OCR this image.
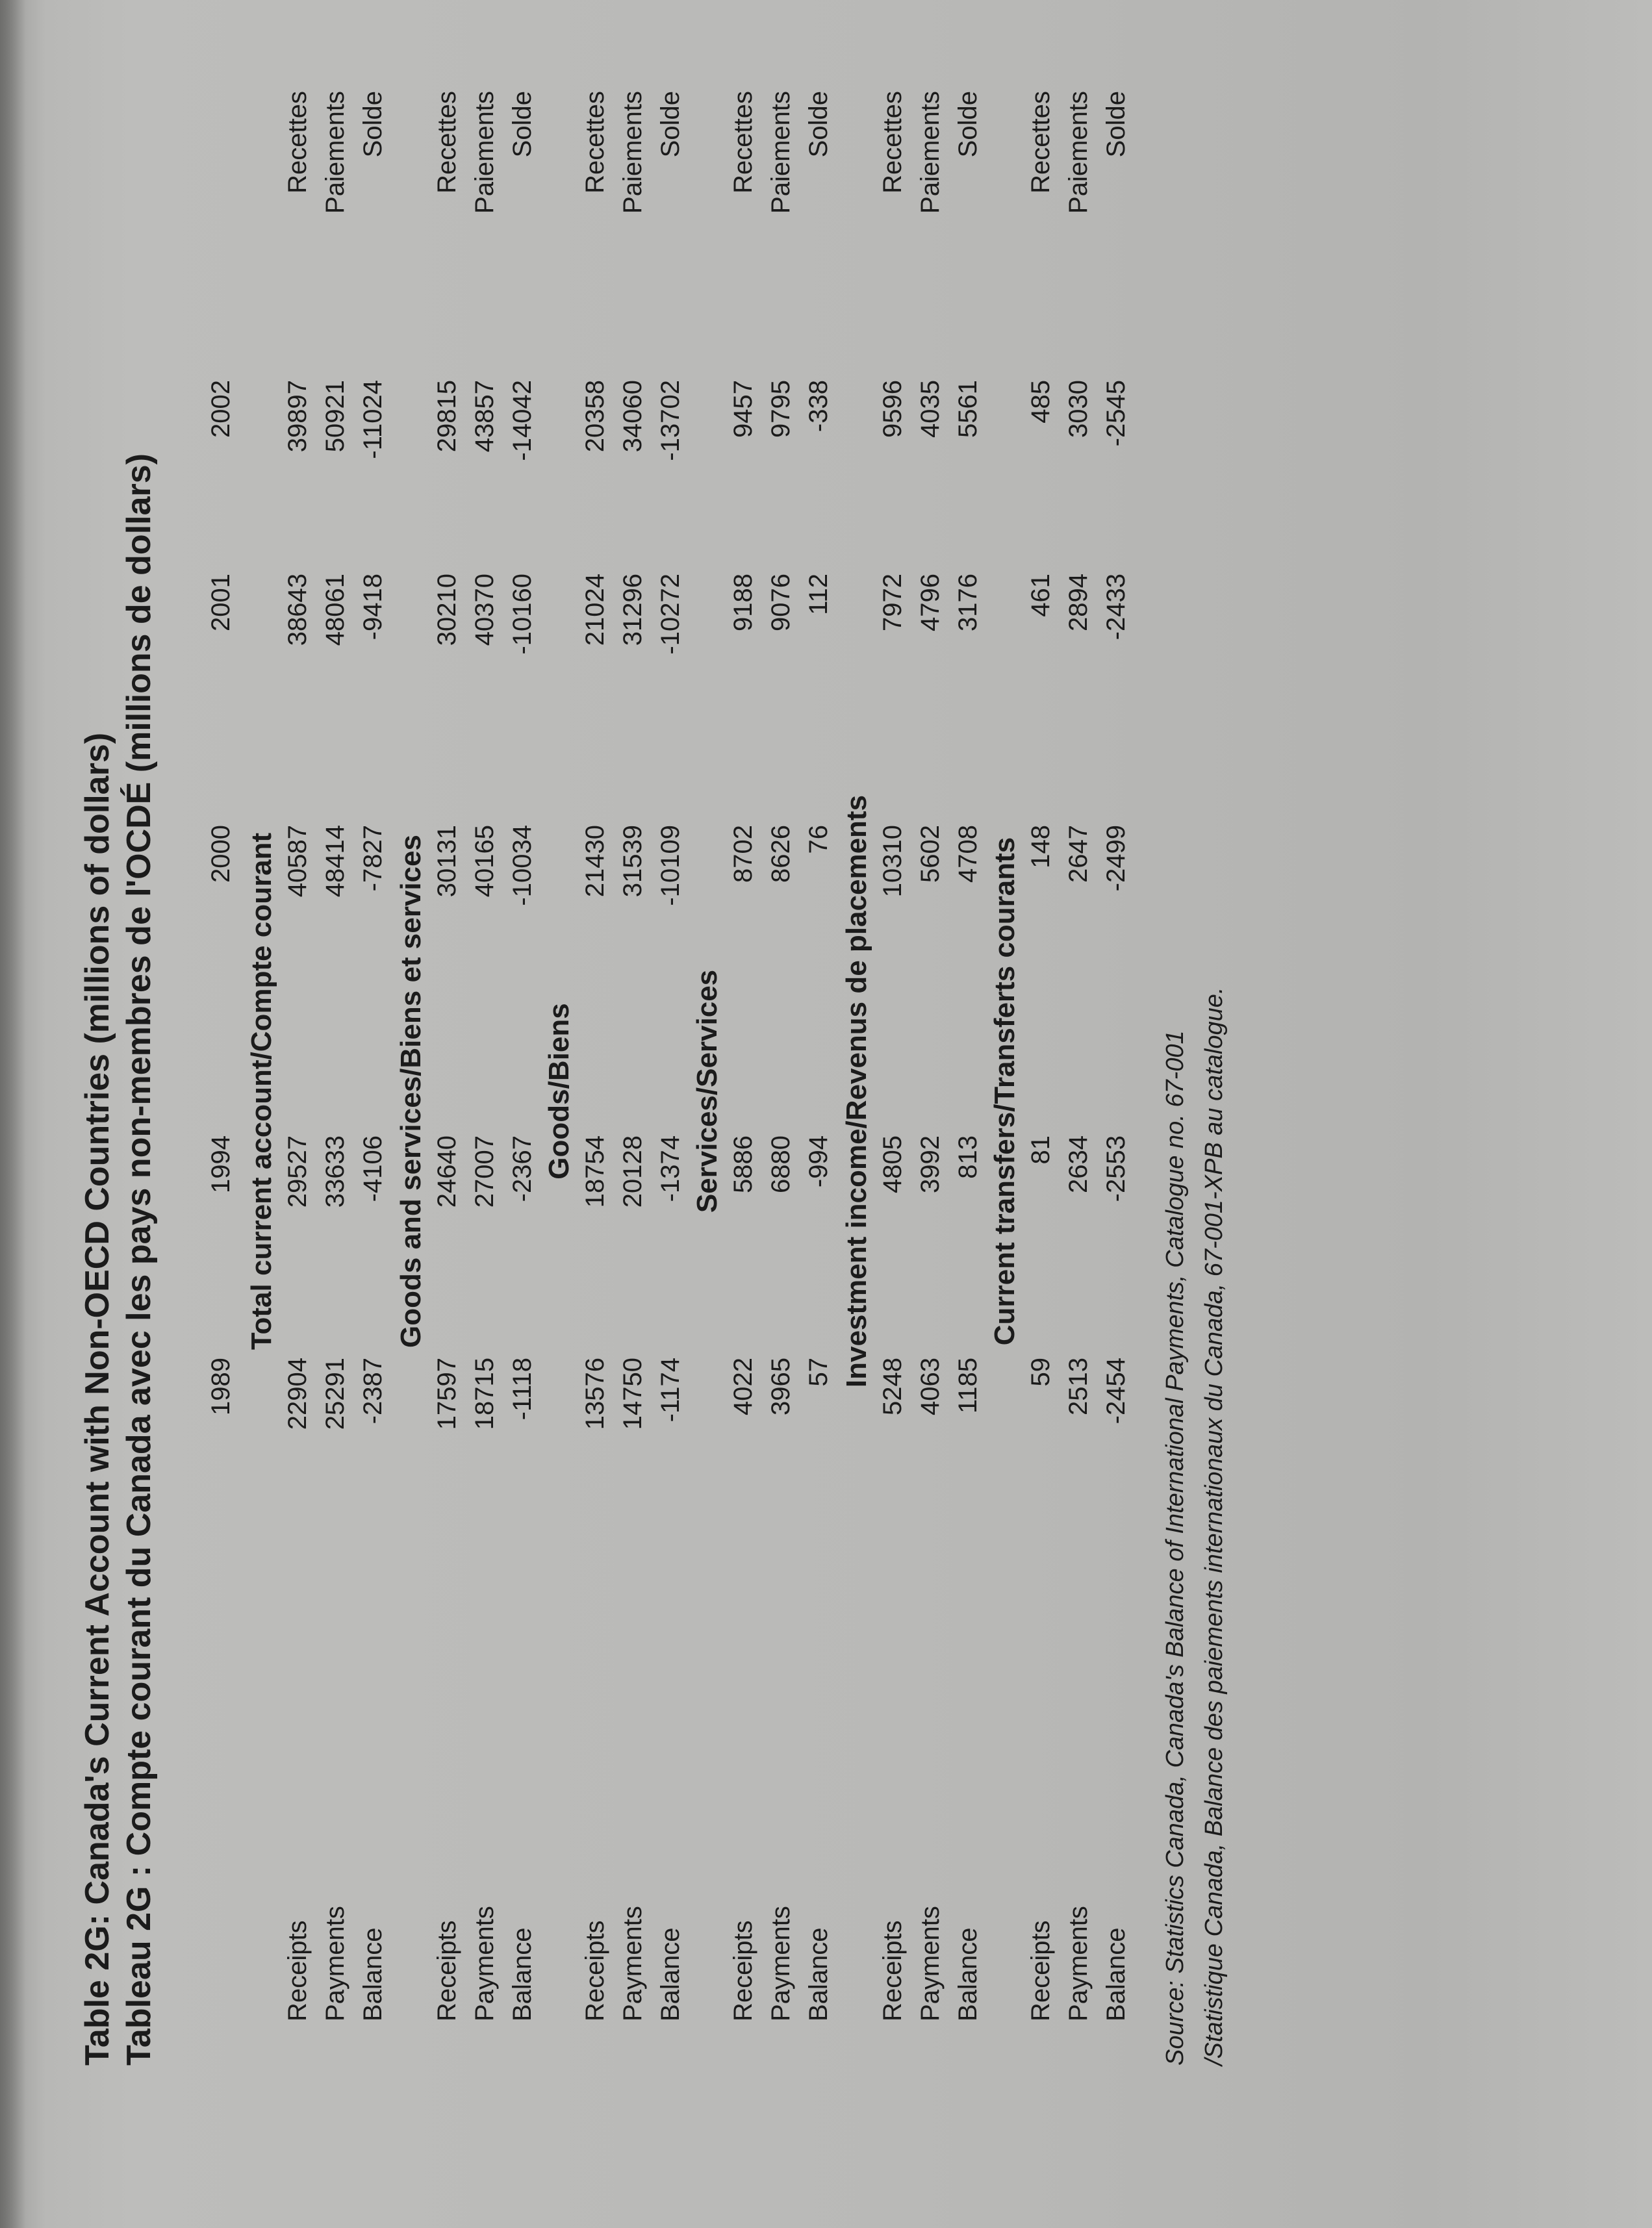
Table 2G: Canada's Current Account with Non-OECD Countries (millions of dollars) Tableau 2G : Compte courant du Canada avec les pays non-membres de l'OCDÉ (millions de dollars) 1989
1994
2000
2001
2002
Total current account/Compte courant
Receipts
22904
29527
40587
38643
39897
Recettes
Payments
25291
33633
48414
48061
50921
Paiements
Balance
-2387
-4106
-7827
-9418
-11024
Solde
Goods and services/Biens et services
Receipts
17597
24640
30131
30210
29815
Recettes
Payments
18715
27007
40165
40370
43857
Paiements
Balance
-1118
-2367
-10034
-10160
-14042
Solde
Goods/Biens
Receipts
13576
18754
21430
21024
20358
Recettes
Payments
14750
20128
31539
31296
34060
Paiements
Balance
-1174
-1374
-10109
-10272
-13702
Solde
Services/Services
Receipts
4022
5886
8702
9188
9457
Recettes
Payments
3965
6880
8626
9076
9795
Paiements
Balance
57
-994
76
112
-338
Solde
Investment income/Revenus de placements
Receipts
5248
4805
10310
7972
9596
Recettes
Payments
4063
3992
5602
4796
4035
Paiements
Balance
1185
813
4708
3176
5561
Solde
Current transfers/Transferts courants
Receipts
59
81
148
461
485
Recettes
Payments
2513
2634
2647
2894
3030
Paiements
Balance
-2454
-2553
-2499
-2433
-2545
Solde
Source: Statistics Canada, Canada's Balance of International Payments, Catalogue no. 67-001 /Statistique Canada, Balance des paiements internationaux du Canada, 67-001-XPB au catalogue.
